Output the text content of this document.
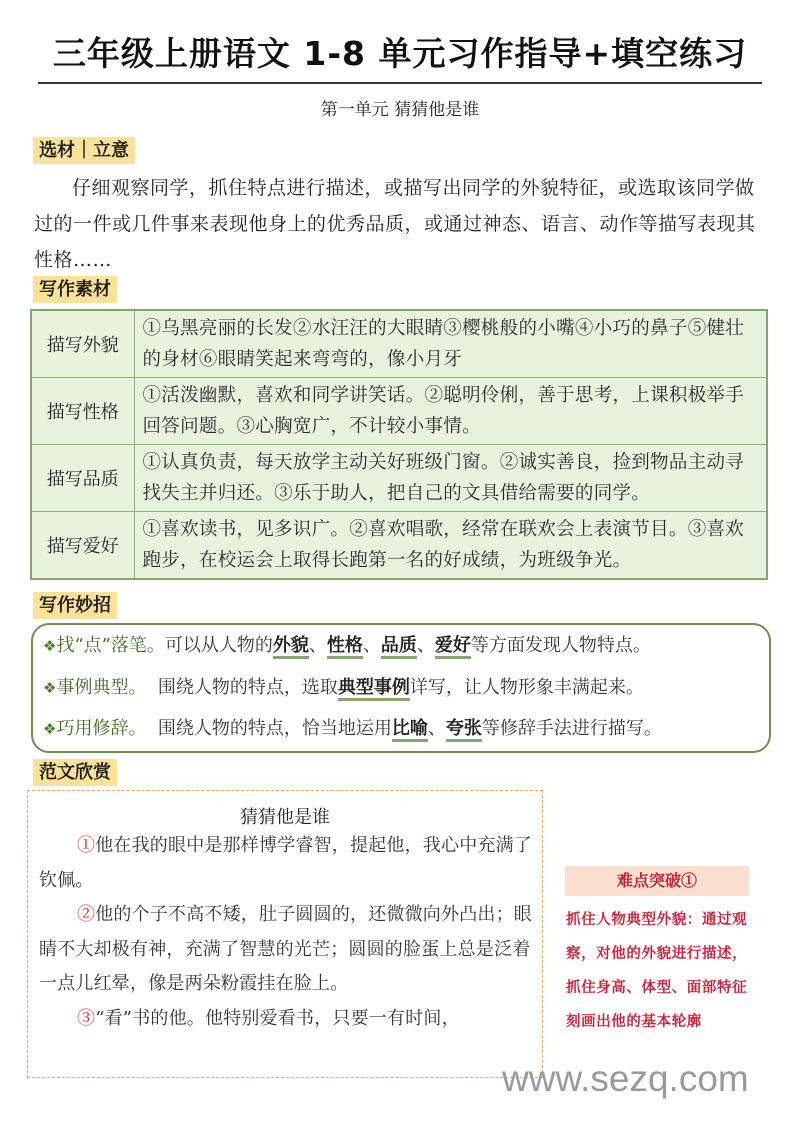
三年级上册语文 1-8 单元习作指导+填空练习
第一单元 猜猜他是谁
选材｜立意
仔细观察同学，抓住特点进行描述，或描写出同学的外貌特征，或选取该同学做过的一件或几件事来表现他身上的优秀品质，或通过神态、语言、动作等描写表现其性格……
写作素材
描写外貌	①乌黑亮丽的长发②水汪汪的大眼睛③樱桃般的小嘴④小巧的鼻子⑤健壮的身材⑥眼睛笑起来弯弯的，像小月牙
描写性格	①活泼幽默，喜欢和同学讲笑话。②聪明伶俐，善于思考，上课积极举手回答问题。③心胸宽广，不计较小事情。
描写品质	①认真负责，每天放学主动关好班级门窗。②诚实善良，捡到物品主动寻找失主并归还。③乐于助人，把自己的文具借给需要的同学。
描写爱好	①喜欢读书，见多识广。②喜欢唱歌，经常在联欢会上表演节目。③喜欢跑步，在校运会上取得长跑第一名的好成绩，为班级争光。
写作妙招
❖找“点”落笔。可以从人物的外貌、性格、品质、爱好等方面发现人物特点。
❖事例典型。  围绕人物的特点，选取典型事例详写，让人物形象丰满起来。
❖巧用修辞。  围绕人物的特点，恰当地运用比喻、夸张等修辞手法进行描写。
范文欣赏
猜猜他是谁

①他在我的眼中是那样博学睿智，提起他，我心中充满了钦佩。

②他的个子不高不矮，肚子圆圆的，还微微向外凸出；眼睛不大却极有神，充满了智慧的光芒；圆圆的脸蛋上总是泛着一点儿红晕，像是两朵粉霞挂在脸上。

③“看”书的他。他特别爱看书，只要一有时间，

难点突破①
抓住人物典型外貌：通过观察，对他的外貌进行描述，抓住身高、体型、面部特征刻画出他的基本轮廓
www.sezq.com
